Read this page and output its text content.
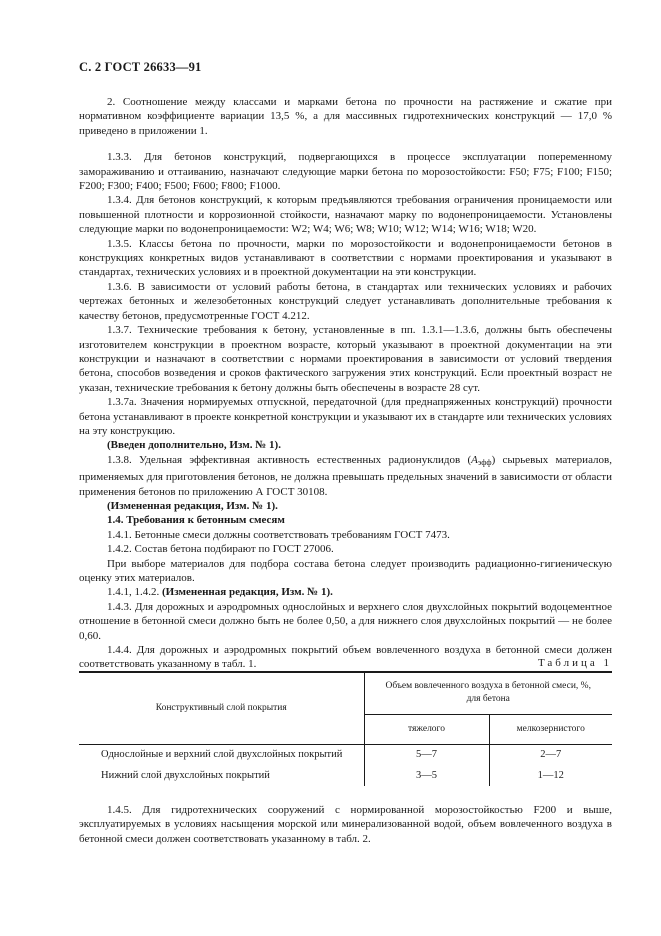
С. 2 ГОСТ 26633—91

2. Соотношение между классами и марками бетона по прочности на растяжение и сжатие при нормативном коэффициенте вариации 13,5 %, а для массивных гидротехнических конструкций — 17,0 % приведено в приложении 1.

1.3.3. Для бетонов конструкций, подвергающихся в процессе эксплуатации попеременному замораживанию и оттаиванию, назначают следующие марки бетона по морозостойкости: F50; F75; F100; F150; F200; F300; F400; F500; F600; F800; F1000.

1.3.4. Для бетонов конструкций, к которым предъявляются требования ограничения проницаемости или повышенной плотности и коррозионной стойкости, назначают марку по водонепроницаемости. Установлены следующие марки по водонепроницаемости: W2; W4; W6; W8; W10; W12; W14; W16; W18; W20.

1.3.5. Классы бетона по прочности, марки по морозостойкости и водонепроницаемости бетонов в конструкциях конкретных видов устанавливают в соответствии с нормами проектирования и указывают в стандартах, технических условиях и в проектной документации на эти конструкции.

1.3.6. В зависимости от условий работы бетона, в стандартах или технических условиях и рабочих чертежах бетонных и железобетонных конструкций следует устанавливать дополнительные требования к качеству бетонов, предусмотренные ГОСТ 4.212.

1.3.7. Технические требования к бетону, установленные в пп. 1.3.1—1.3.6, должны быть обеспечены изготовителем конструкции в проектном возрасте, который указывают в проектной документации на эти конструкции и назначают в соответствии с нормами проектирования в зависимости от условий твердения бетона, способов возведения и сроков фактического загружения этих конструкций. Если проектный возраст не указан, технические требования к бетону должны быть обеспечены в возрасте 28 сут.

1.3.7а. Значения нормируемых отпускной, передаточной (для преднапряженных конструкций) прочности бетона устанавливают в проекте конкретной конструкции и указывают их в стандарте или технических условиях на эту конструкцию.

(Введен дополнительно, Изм. № 1).

1.3.8. Удельная эффективная активность естественных радионуклидов $(А_{эфф})$ сырьевых материалов, применяемых для приготовления бетонов, не должна превышать предельных значений в зависимости от области применения бетонов по приложению А ГОСТ 30108.

(Измененная редакция, Изм. № 1).

1.4. Требования к бетонным смесям

1.4.1. Бетонные смеси должны соответствовать требованиям ГОСТ 7473.

1.4.2. Состав бетона подбирают по ГОСТ 27006.

При выборе материалов для подбора состава бетона следует производить радиационно-гигиеническую оценку этих материалов.

1.4.1, 1.4.2. (Измененная редакция, Изм. № 1).

1.4.3. Для дорожных и аэродромных однослойных и верхнего слоя двухслойных покрытий водоцементное отношение в бетонной смеси должно быть не более 0,50, а для нижнего слоя двухслойных покрытий — не более 0,60.

1.4.4. Для дорожных и аэродромных покрытий объем вовлеченного воздуха в бетонной смеси должен соответствовать указанному в табл. 1.	Таблица 1
Конструктивный слой покрытия	Объем вовлеченного воздуха в бетонной смеси, %,
для бетона	
	тяжелого	мелкозернистого
Однослойные и верхний слой двухслойных покрытий	5—7	2—7
Нижний слой двухслойных покрытий	3—5	1—12

1.4.5. Для гидротехнических сооружений с нормированной морозостойкостью F200 и выше, эксплуатируемых в условиях насыщения морской или минерализованной водой, объем вовлеченного воздуха в бетонной смеси должен соответствовать указанному в табл. 2.
